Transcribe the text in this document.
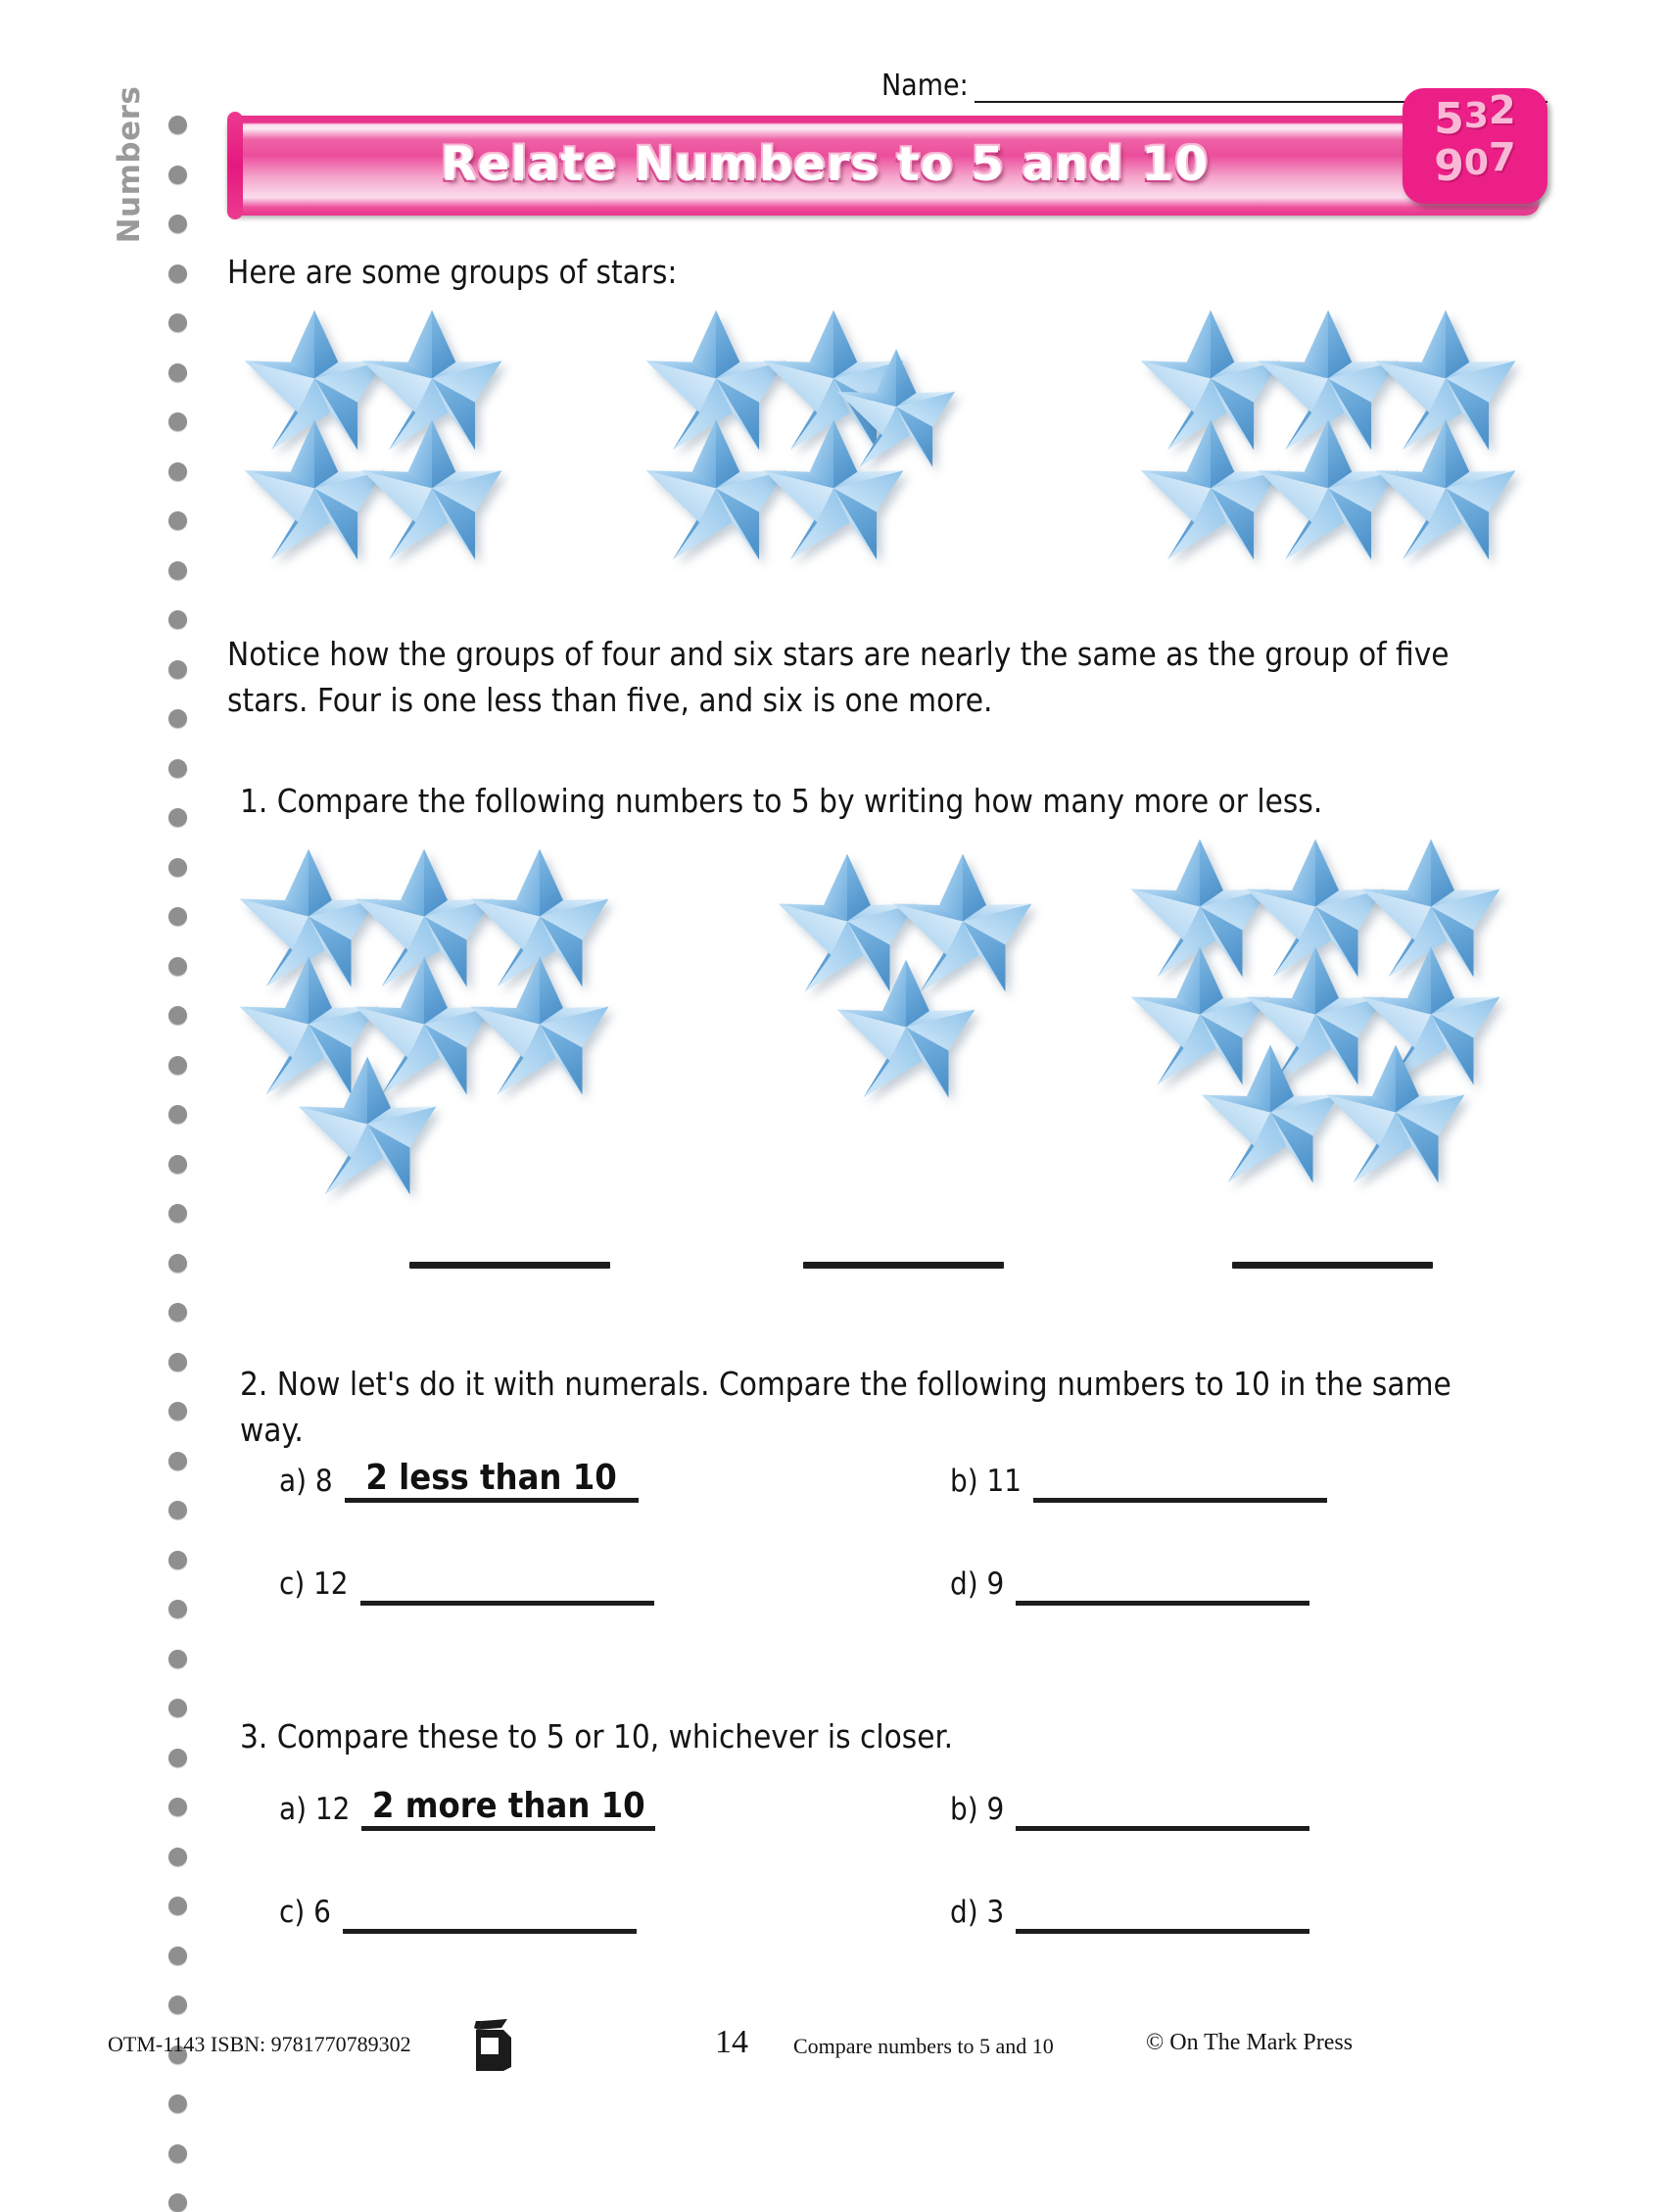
Numbers
Name:
Relate Numbers to 5 and 10
5 3 2
9 0 7
Here are some groups of stars:
Notice how the groups of four and six stars are nearly the same as the group of five stars. Four is one less than five, and six is one more.
1. Compare the following numbers to 5 by writing how many more or less.
2. Now let's do it with numerals. Compare the following numbers to 10 in the same way.
a) 8 2 less than 10	b) 11
c) 12	d) 9
3. Compare these to 5 or 10, whichever is closer.
a) 12 2 more than 10	b) 9
c) 6	d) 3
OTM-1143 ISBN: 9781770789302	14 Compare numbers to 5 and 10	© On The Mark Press
